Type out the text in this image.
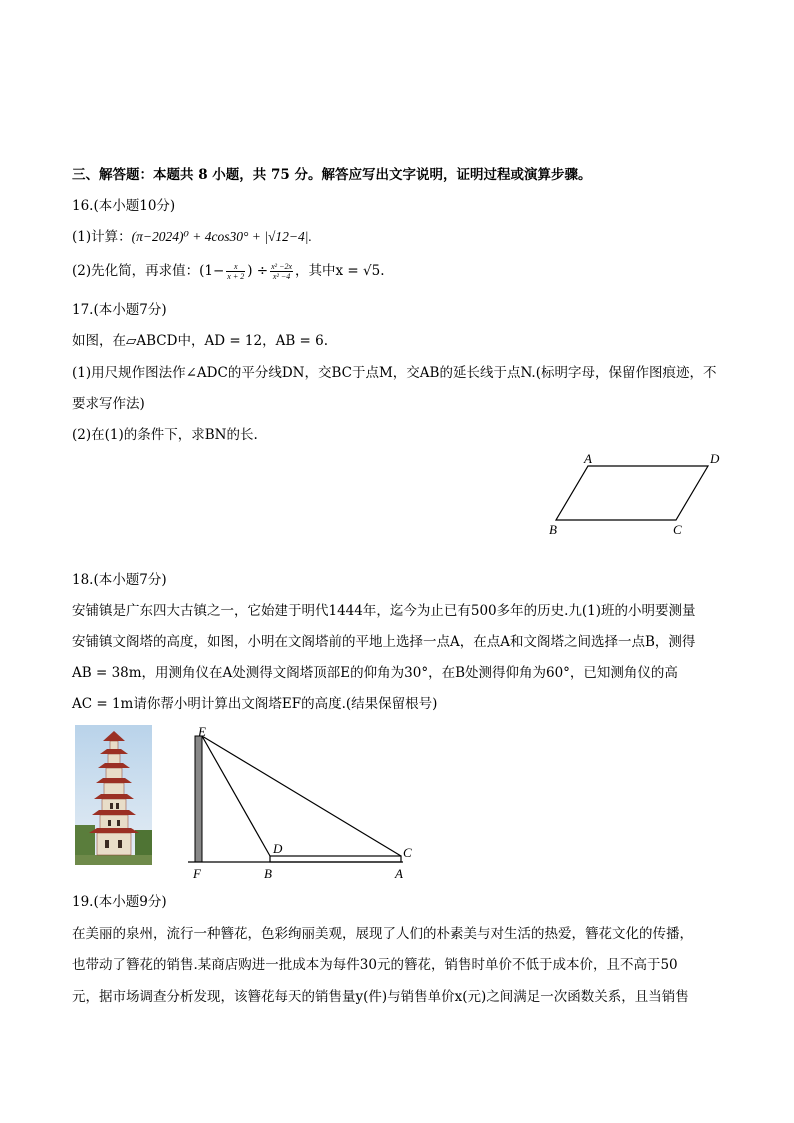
三、解答题：本题共 8 小题，共 75 分。解答应写出文字说明，证明过程或演算步骤。
16.(本小题10分)
(1)计算：(π−2024)⁰ + 4cos30° + |√12−4|.
(2)先化简，再求值：($1- \frac{x}{x + 2}$ ) ÷ $\frac{\text{x² −2x}}{\text{x² −4}}$ ，其中x = √5.
17.(本小题7分)
如图，在▱ABCD中，AD = 12，AB = 6.
(1)用尺规作图法作∠ADC的平分线DN，交BC于点M，交AB的延长线于点N.(标明字母，保留作图痕迹，不
要求写作法)
(2)在(1)的条件下，求BN的长.
A	D
B	C
18.(本小题7分)
安铺镇是广东四大古镇之一，它始建于明代1444年，迄今为止已有500多年的历史.九(1)班的小明要测量
安铺镇文阁塔的高度，如图，小明在文阁塔前的平地上选择一点A，在点A和文阁塔之间选择一点B，测得
AB = 38m，用测角仪在A处测得文阁塔顶部E的仰角为30°，在B处测得仰角为60°，已知测角仪的高
AC = 1m请你帮小明计算出文阁塔EF的高度.(结果保留根号)
E
D	C
F	B	A
19.(本小题9分)
在美丽的泉州，流行一种簪花，色彩绚丽美观，展现了人们的朴素美与对生活的热爱，簪花文化的传播，
也带动了簪花的销售.某商店购进一批成本为每件30元的簪花，销售时单价不低于成本价，且不高于50
元，据市场调查分析发现，该簪花每天的销售量y(件)与销售单价x(元)之间满足一次函数关系，且当销售
